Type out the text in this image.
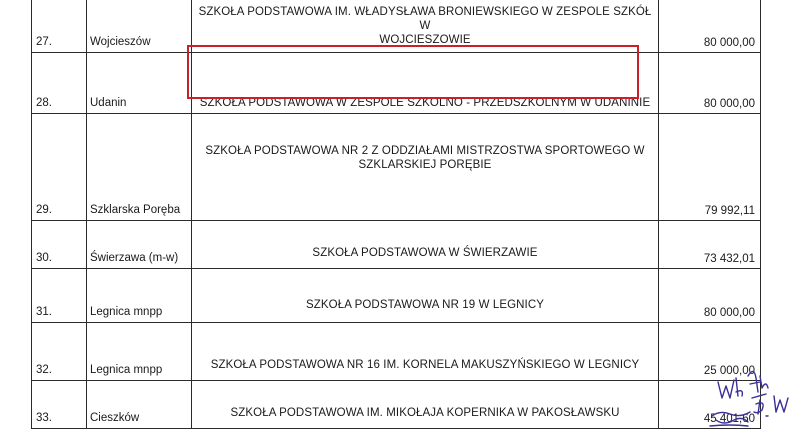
27.	Wojcieszów	SZKOŁA PODSTAWOWA IM. WŁADYSŁAWA BRONIEWSKIEGO W ZESPOLE SZKÓŁ W
WOJCIESZOWIE	80 000,00
28.	Udanin	SZKOŁA PODSTAWOWA W ZESPOLE SZKOLNO - PRZEDSZKOLNYM W UDANINIE	80 000,00
29.	Szklarska Poręba	SZKOŁA PODSTAWOWA NR 2 Z ODDZIAŁAMI MISTRZOSTWA SPORTOWEGO W
SZKLARSKIEJ PORĘBIE	79 992,11
30.	Świerzawa (m-w)	SZKOŁA PODSTAWOWA W ŚWIERZAWIE	73 432,01
31.	Legnica mnpp	SZKOŁA PODSTAWOWA NR 19 W LEGNICY	80 000,00
32.	Legnica mnpp	SZKOŁA PODSTAWOWA NR 16 IM. KORNELA MAKUSZYŃSKIEGO W LEGNICY	25 000,00
33.	Cieszków	SZKOŁA PODSTAWOWA IM. MIKOŁAJA KOPERNIKA W PAKOSŁAWSKU	45 401,60
